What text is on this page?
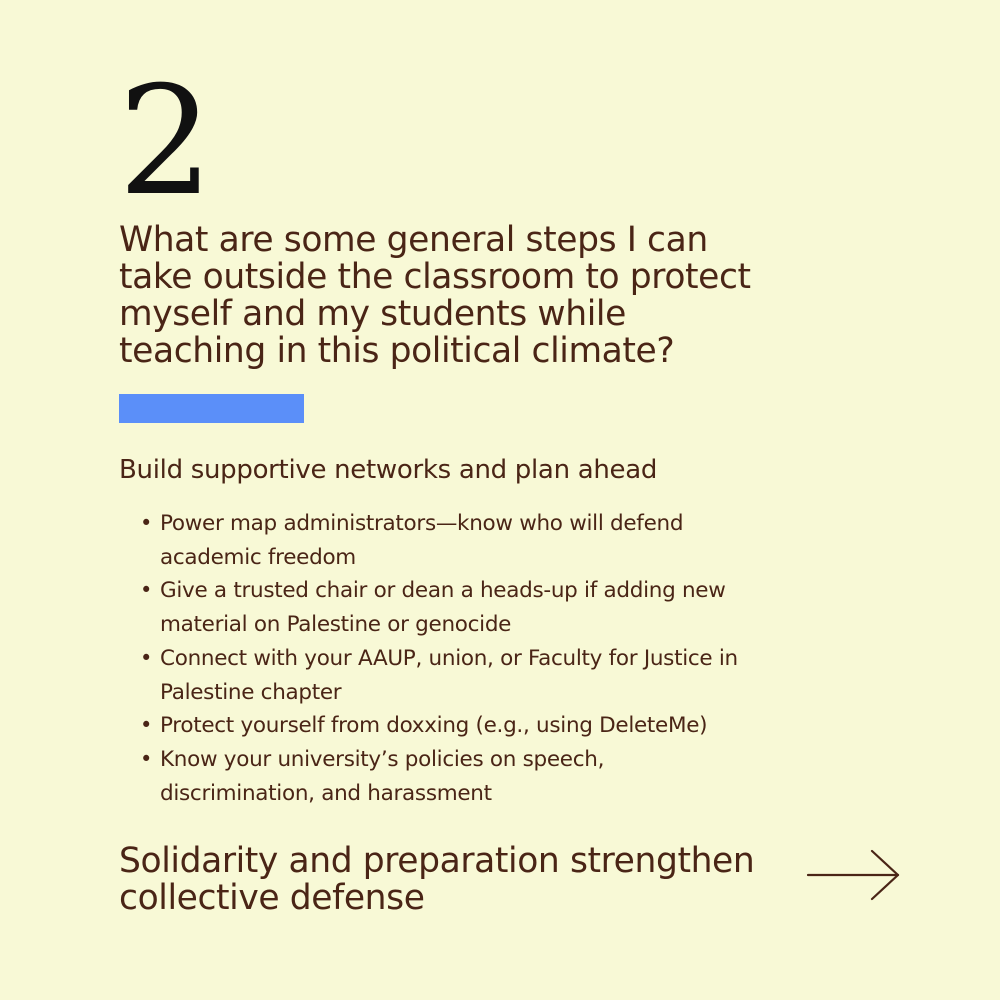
2
What are some general steps I can take outside the classroom to protect myself and my students while teaching in this political climate?
Build supportive networks and plan ahead
• Power map administrators—know who will defend academic freedom
• Give a trusted chair or dean a heads-up if adding new material on Palestine or genocide
• Connect with your AAUP, union, or Faculty for Justice in Palestine chapter
• Protect yourself from doxxing (e.g., using DeleteMe)
• Know your university’s policies on speech, discrimination, and harassment
Solidarity and preparation strengthen collective defense
